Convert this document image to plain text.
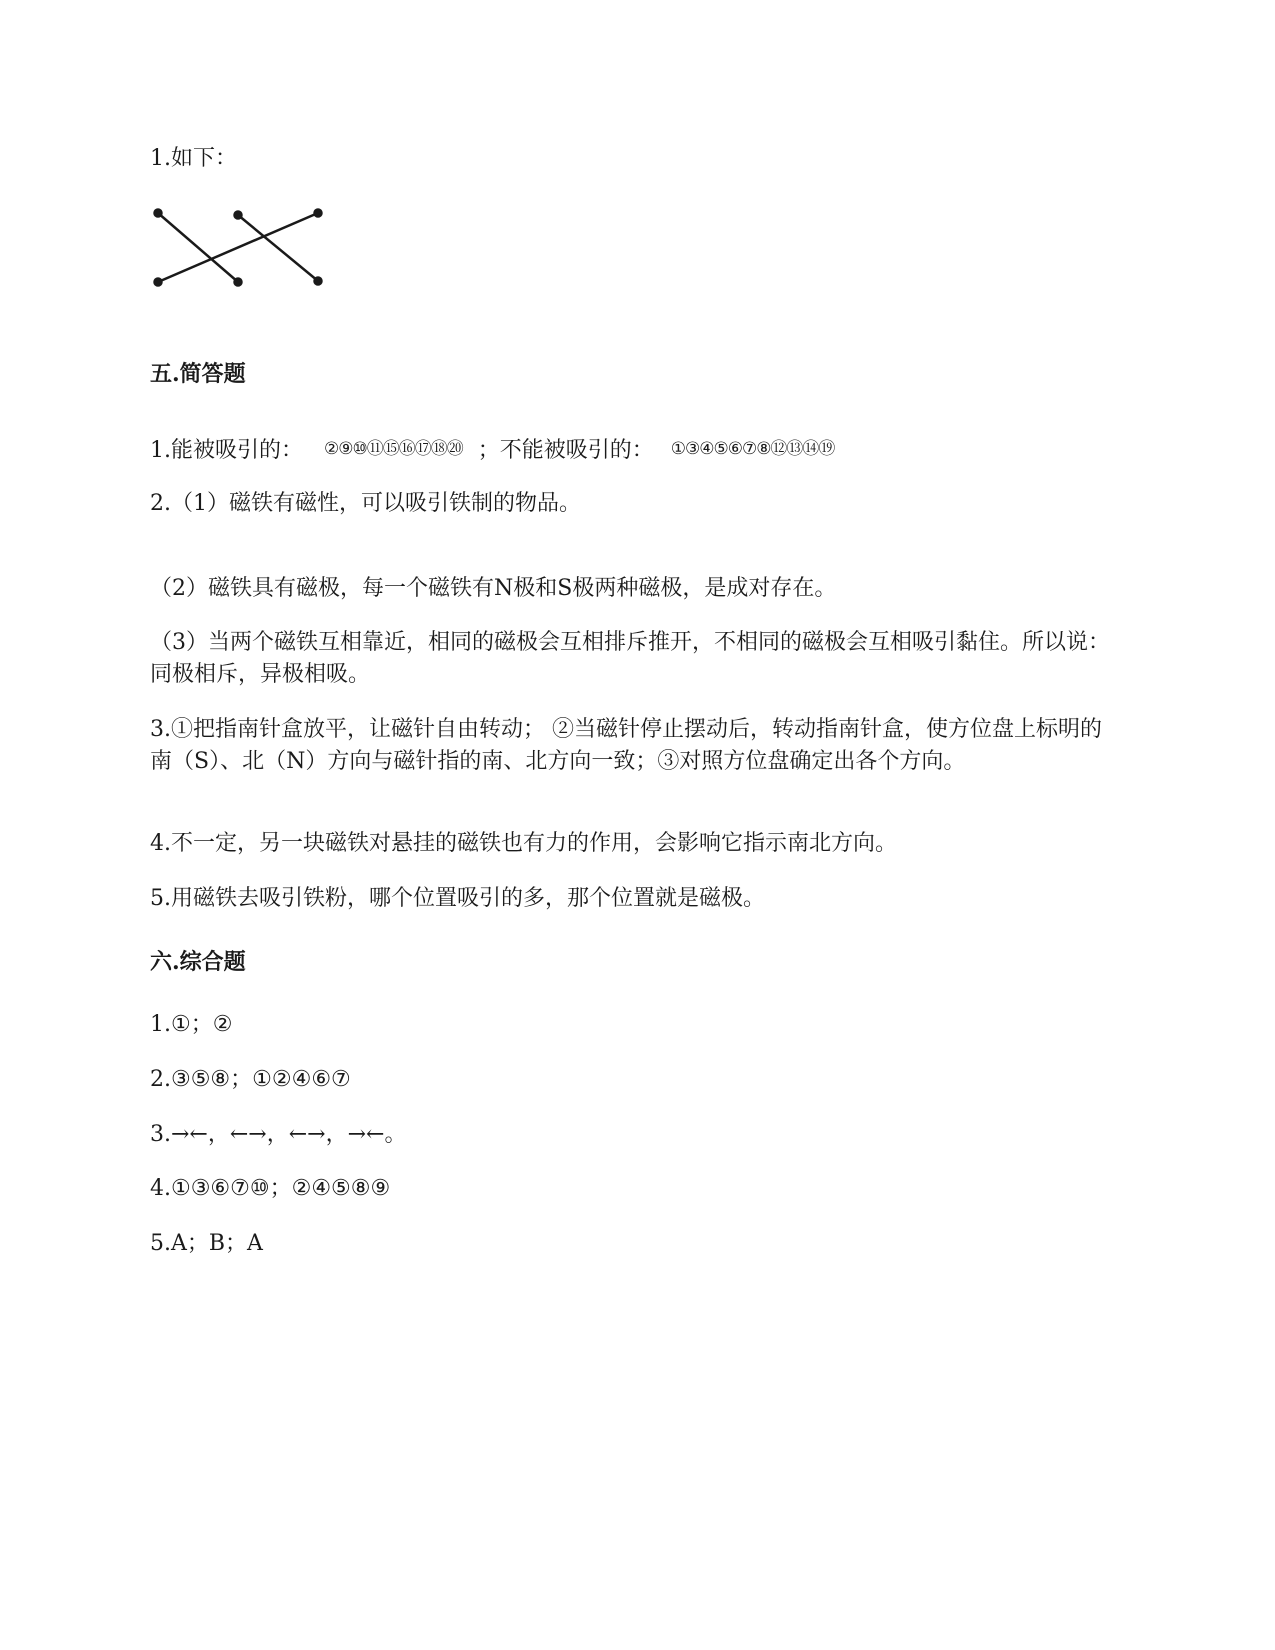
1.如下：
五.简答题
1.能被吸引的： ②⑨⑩⑪⑮⑯⑰⑱⑳ ；不能被吸引的： ①③④⑤⑥⑦⑧⑫⑬⑭⑲
2.（1）磁铁有磁性，可以吸引铁制的物品。
（2）磁铁具有磁极，每一个磁铁有N极和S极两种磁极，是成对存在。
（3）当两个磁铁互相靠近，相同的磁极会互相排斥推开，不相同的磁极会互相吸引黏住。所以说：同极相斥，异极相吸。
3.①把指南针盒放平，让磁针自由转动； ②当磁针停止摆动后，转动指南针盒，使方位盘上标明的南（S）、北（N）方向与磁针指的南、北方向一致；③对照方位盘确定出各个方向。
4.不一定，另一块磁铁对悬挂的磁铁也有力的作用，会影响它指示南北方向。
5.用磁铁去吸引铁粉，哪个位置吸引的多，那个位置就是磁极。
六.综合题
1.①；②
2.③⑤⑧；①②④⑥⑦
3.→←，←→，←→，→←。
4.①③⑥⑦⑩；②④⑤⑧⑨
5.A；B；A
